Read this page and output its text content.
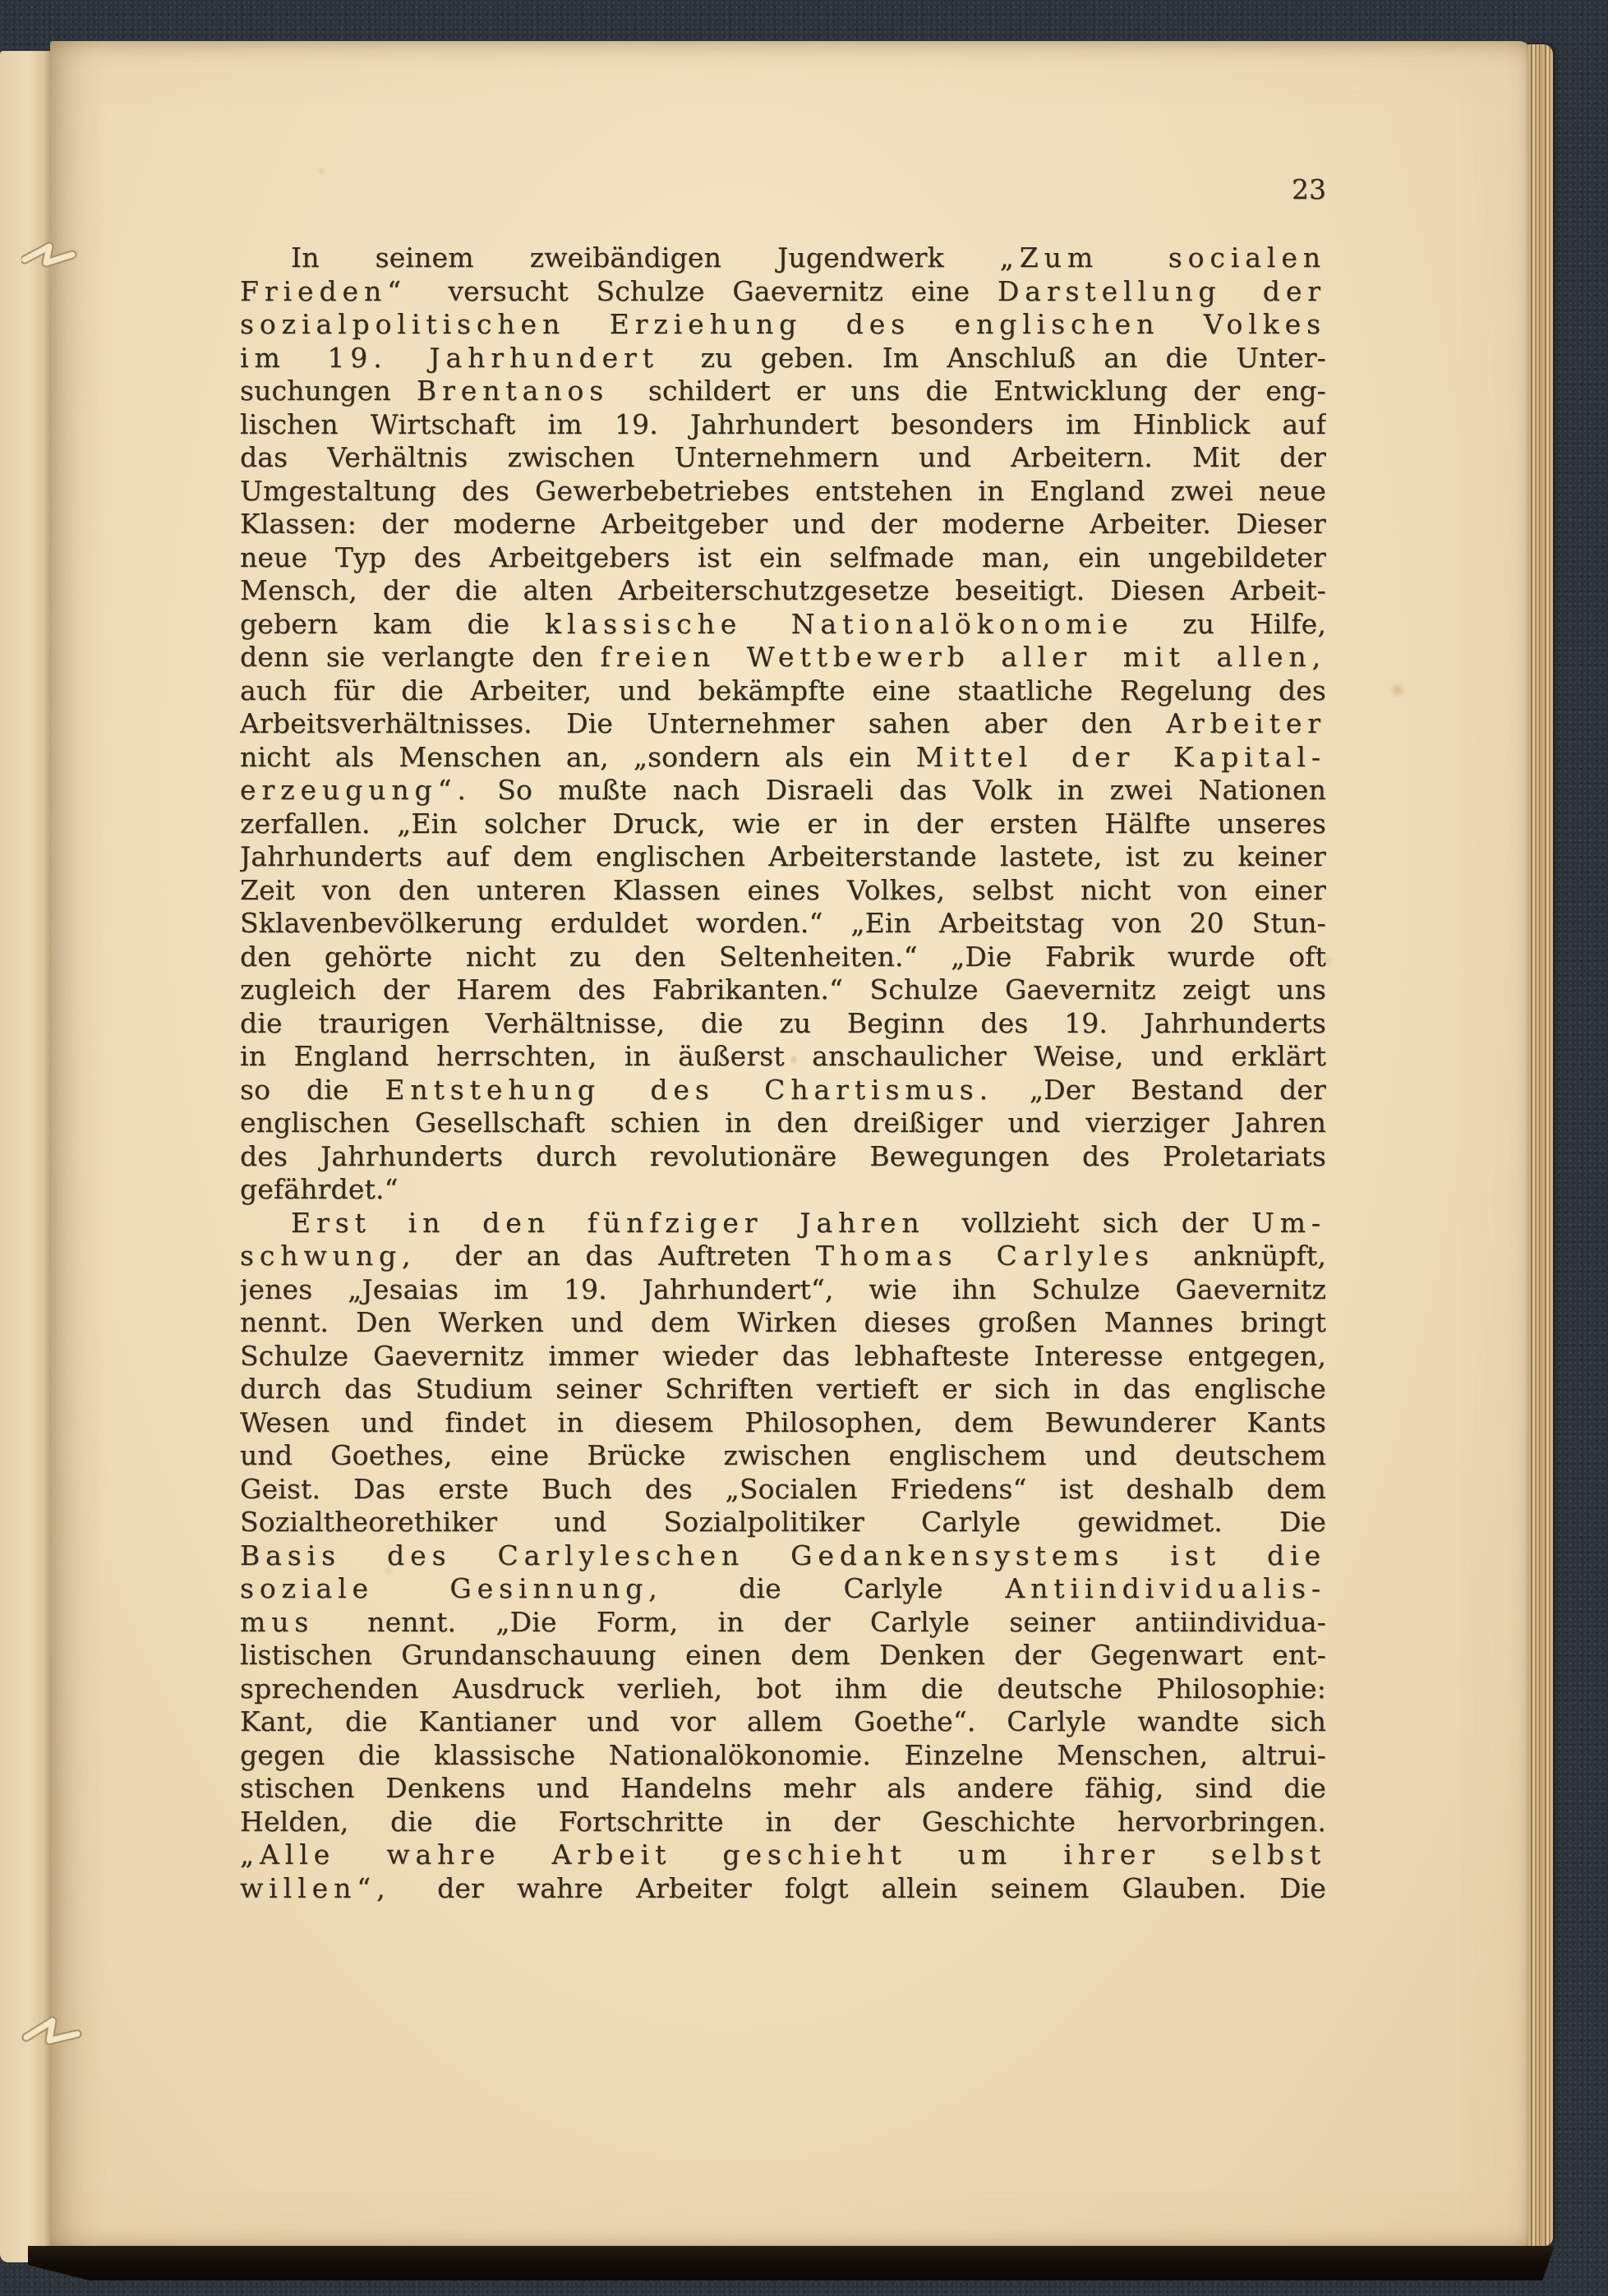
23
In seinem zweibändigen Jugendwerk „Zum socialen
Frieden“ versucht Schulze Gaevernitz eine Darstellung der
sozialpolitischen Erziehung des englischen Volkes
im 19. Jahrhundert zu geben. Im Anschluß an die Unter-
suchungen Brentanos schildert er uns die Entwicklung der eng-
lischen Wirtschaft im 19. Jahrhundert besonders im Hinblick auf
das Verhältnis zwischen Unternehmern und Arbeitern. Mit der
Umgestaltung des Gewerbebetriebes entstehen in England zwei neue
Klassen: der moderne Arbeitgeber und der moderne Arbeiter. Dieser
neue Typ des Arbeitgebers ist ein selfmade man, ein ungebildeter
Mensch, der die alten Arbeiterschutzgesetze beseitigt. Diesen Arbeit-
gebern kam die klassische Nationalökonomie zu Hilfe,
denn sie verlangte den freien Wettbewerb aller mit allen,
auch für die Arbeiter, und bekämpfte eine staatliche Regelung des
Arbeitsverhältnisses. Die Unternehmer sahen aber den Arbeiter
nicht als Menschen an, „sondern als ein Mittel der Kapital-
erzeugung“. So mußte nach Disraeli das Volk in zwei Nationen
zerfallen. „Ein solcher Druck, wie er in der ersten Hälfte unseres
Jahrhunderts auf dem englischen Arbeiterstande lastete, ist zu keiner
Zeit von den unteren Klassen eines Volkes, selbst nicht von einer
Sklavenbevölkerung erduldet worden.“ „Ein Arbeitstag von 20 Stun-
den gehörte nicht zu den Seltenheiten.“ „Die Fabrik wurde oft
zugleich der Harem des Fabrikanten.“ Schulze Gaevernitz zeigt uns
die traurigen Verhältnisse, die zu Beginn des 19. Jahrhunderts
in England herrschten, in äußerst anschaulicher Weise, und erklärt
so die Entstehung des Chartismus. „Der Bestand der
englischen Gesellschaft schien in den dreißiger und vierziger Jahren
des Jahrhunderts durch revolutionäre Bewegungen des Proletariats
gefährdet.“
Erst in den fünfziger Jahren vollzieht sich der Um-
schwung, der an das Auftreten Thomas Carlyles anknüpft,
jenes „Jesaias im 19. Jahrhundert“, wie ihn Schulze Gaevernitz
nennt. Den Werken und dem Wirken dieses großen Mannes bringt
Schulze Gaevernitz immer wieder das lebhafteste Interesse entgegen,
durch das Studium seiner Schriften vertieft er sich in das englische
Wesen und findet in diesem Philosophen, dem Bewunderer Kants
und Goethes, eine Brücke zwischen englischem und deutschem
Geist. Das erste Buch des „Socialen Friedens“ ist deshalb dem
Sozialtheorethiker und Sozialpolitiker Carlyle gewidmet. Die
Basis des Carlyleschen Gedankensystems ist die
soziale Gesinnung, die Carlyle Antiindividualis-
mus nennt. „Die Form, in der Carlyle seiner antiindividua-
listischen Grundanschauung einen dem Denken der Gegenwart ent-
sprechenden Ausdruck verlieh, bot ihm die deutsche Philosophie:
Kant, die Kantianer und vor allem Goethe“. Carlyle wandte sich
gegen die klassische Nationalökonomie. Einzelne Menschen, altrui-
stischen Denkens und Handelns mehr als andere fähig, sind die
Helden, die die Fortschritte in der Geschichte hervorbringen.
„Alle wahre Arbeit geschieht um ihrer selbst
willen“, der wahre Arbeiter folgt allein seinem Glauben. Die
